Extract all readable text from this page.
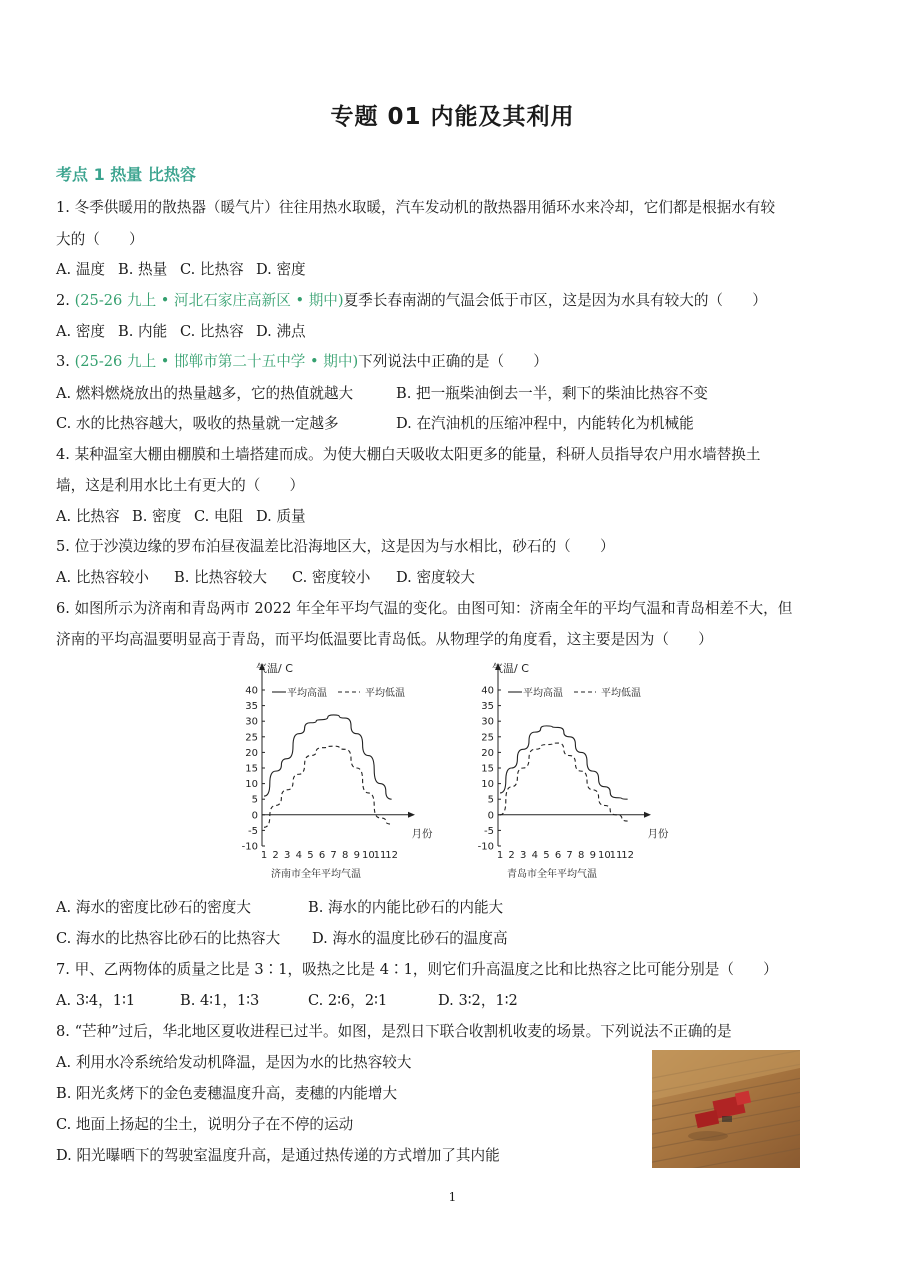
专题 01 内能及其利用
考点 1 热量 比热容
1. 冬季供暖用的散热器（暖气片）往往用热水取暖，汽车发动机的散热器用循环水来冷却，它们都是根据水有较
大的（　　）
A. 温度 B. 热量 C. 比热容 D. 密度
2. (25-26 九上 • 河北石家庄高新区 • 期中)夏季长春南湖的气温会低于市区，这是因为水具有较大的（　　）
A. 密度 B. 内能 C. 比热容 D. 沸点
3. (25-26 九上 • 邯郸市第二十五中学 • 期中)下列说法中正确的是（　　）
A. 燃料燃烧放出的热量越多，它的热值就越大	B. 把一瓶柴油倒去一半，剩下的柴油比热容不变
C. 水的比热容越大，吸收的热量就一定越多	D. 在汽油机的压缩冲程中，内能转化为机械能
4. 某种温室大棚由棚膜和土墙搭建而成。为使大棚白天吸收太阳更多的能量，科研人员指导农户用水墙替换土
墙，这是利用水比土有更大的（　　）
A. 比热容 B. 密度 C. 电阻 D. 质量
5. 位于沙漠边缘的罗布泊昼夜温差比沿海地区大，这是因为与水相比，砂石的（　　）
A. 比热容较小 B. 比热容较大 C. 密度较小 D. 密度较大
6. 如图所示为济南和青岛两市 2022 年全年平均气温的变化。由图可知：济南全年的平均气温和青岛相差不大，但
济南的平均高温要明显高于青岛，而平均低温要比青岛低。从物理学的角度看，这主要是因为（　　）
气温/ C
40
35
30
25
20
15
10
5
0
-5
-10
1 2 3 4 5 6 7 8 9 10
11
12
月份
平均高温	平均低温
济南市全年平均气温
气温/ C
40
35
30
25
20
15
10
5
0
-5
-10
1 2 3 4 5 6 7 8 9 10
11
12
月份
平均高温	平均低温
青岛市全年平均气温
A. 海水的密度比砂石的密度大	B. 海水的内能比砂石的内能大
C. 海水的比热容比砂石的比热容大 D. 海水的温度比砂石的温度高
7. 甲、乙两物体的质量之比是 3∶1，吸热之比是 4∶1，则它们升高温度之比和比热容之比可能分别是（　　）
A. 3∶4，1∶1	B. 4∶1，1∶3	C. 2∶6，2∶1	D. 3∶2，1∶2
8. “芒种”过后，华北地区夏收进程已过半。如图，是烈日下联合收割机收麦的场景。下列说法不正确的是
A. 利用水冷系统给发动机降温，是因为水的比热容较大
B. 阳光炙烤下的金色麦穗温度升高，麦穗的内能增大
C. 地面上扬起的尘土，说明分子在不停的运动
D. 阳光曝晒下的驾驶室温度升高，是通过热传递的方式增加了其内能
1
